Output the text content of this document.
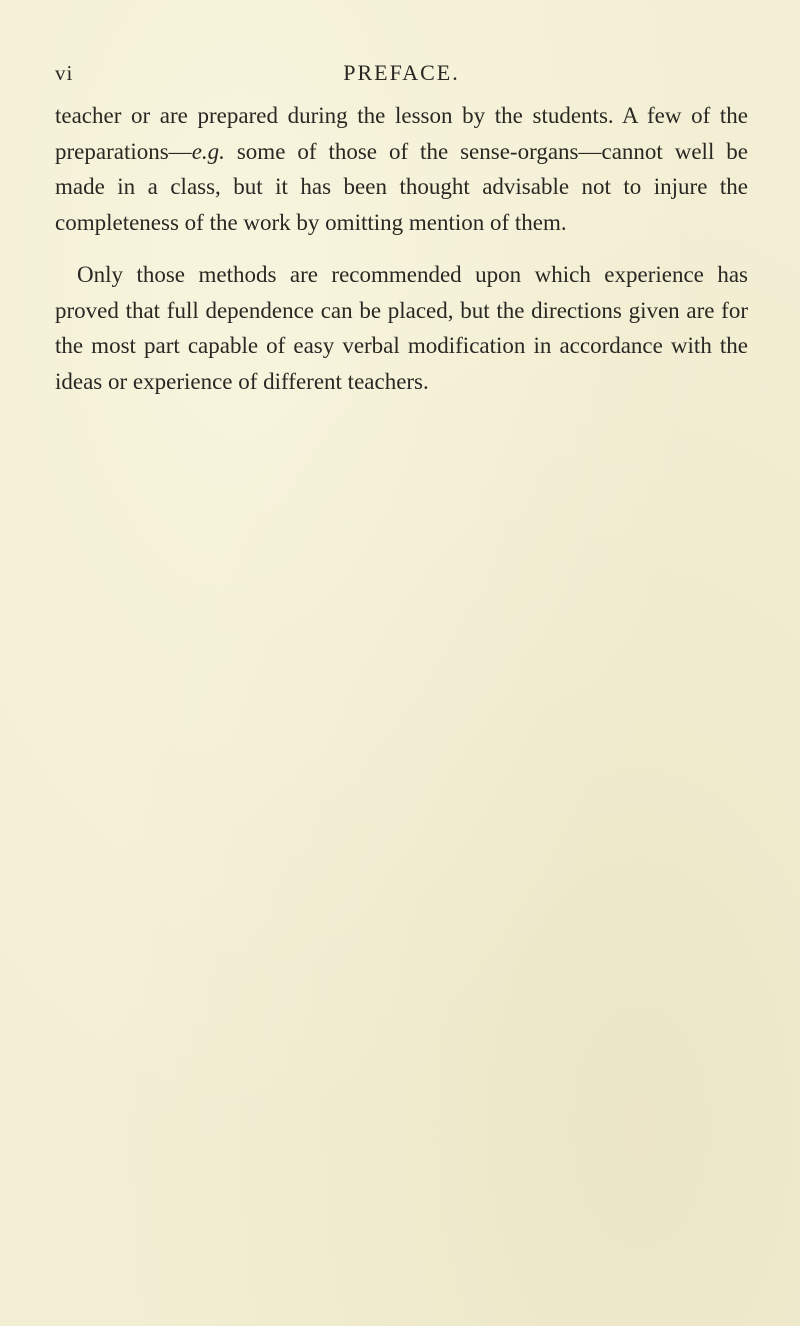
vi	PREFACE.

teacher or are prepared during the lesson by the students. A few of the preparations—e.g. some of those of the sense-organs—cannot well be made in a class, but it has been thought advisable not to injure the completeness of the work by omitting mention of them.

Only those methods are recommended upon which experience has proved that full dependence can be placed, but the directions given are for the most part capable of easy verbal modification in accordance with the ideas or experience of different teachers.
